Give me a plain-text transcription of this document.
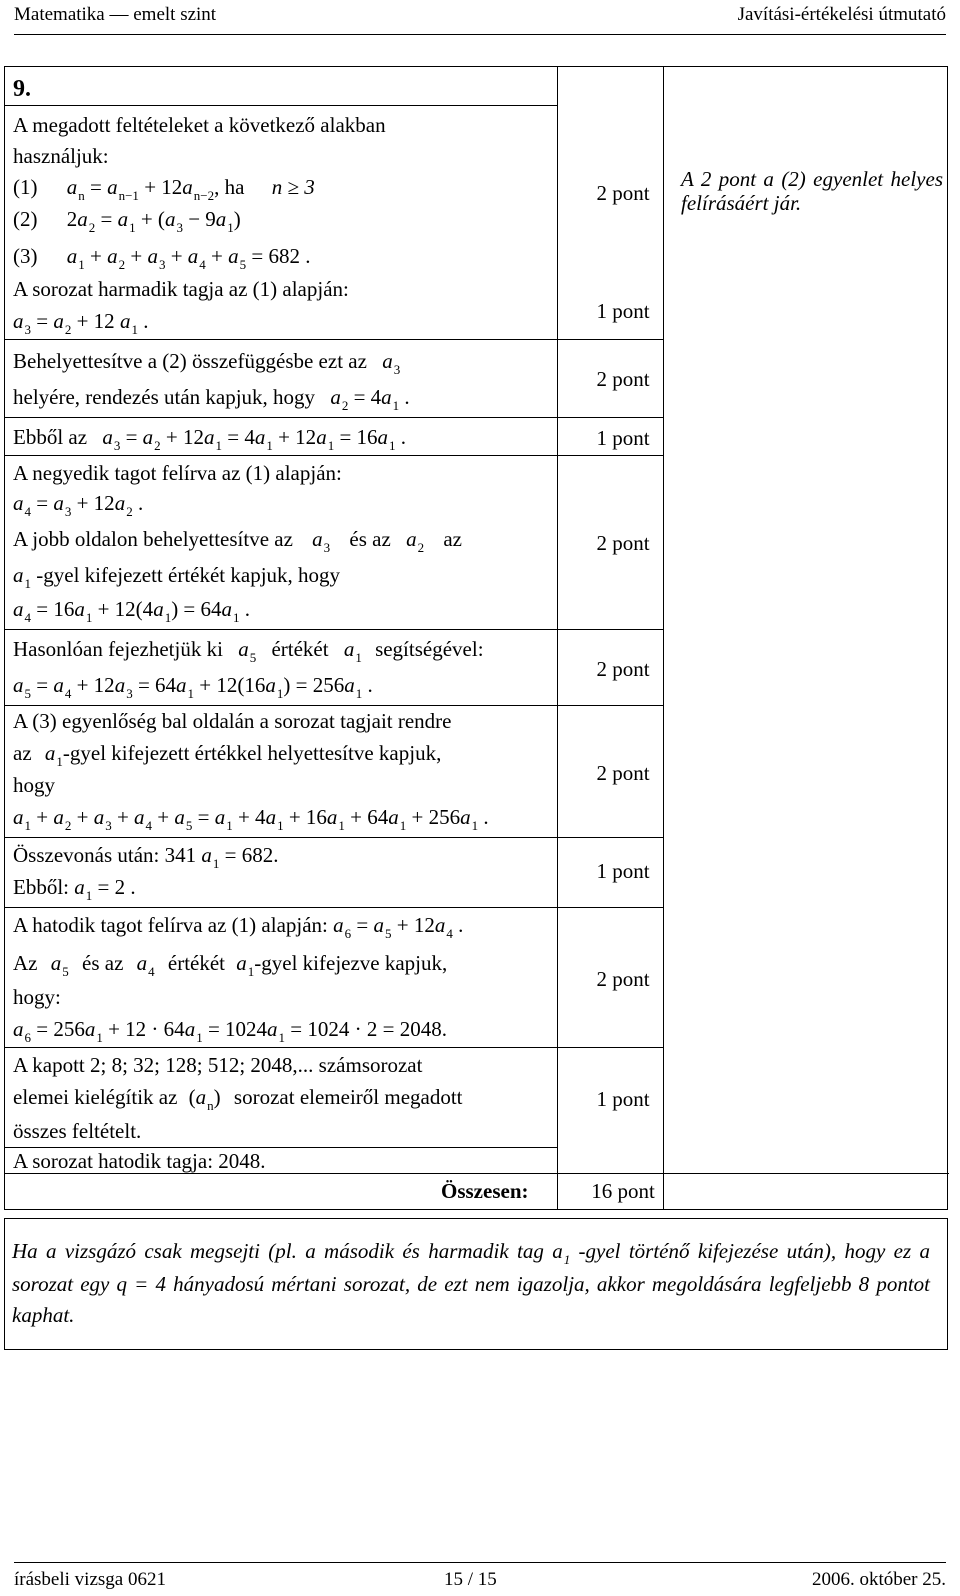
Matematika — emelt szint	Javítási-értékelési útmutató
9.
A megadott feltételeket a következő alakban
használjuk:
(1) $a_n = a_{n-1} + 12a_{n-2}$, ha n ≥ 3
(2) $2a_2 = a_1 + (a_3 - 9a_1)$
(3) $a_1 + a_2 + a_3 + a_4 + a_5 = 682$ .
2 pont
A 2 pont a (2) egyenlet helyes felírásáért jár.
A sorozat harmadik tagja az (1) alapján:
$a_3 = a_2 + 12$ $a_1$ .	1 pont
Behelyettesítve a (2) összefüggésbe ezt az $a_3$
helyére, rendezés után kapjuk, hogy $a_2 = 4a_1$ .
2 pont
Ebből az $a_3 = a_2 + 12a_1 = 4a_1 + 12a_1 = 16a_1$ .	1 pont
A negyedik tagot felírva az (1) alapján:
$a_4 = a_3 + 12a_2$ .
A jobb oldalon behelyettesítve az $a_3$ és az $a_2$ az
$a_1$ -gyel kifejezett értékét kapjuk, hogy
$a_4 = 16a_1 + 12(4a_1) = 64a_1$ .
2 pont
Hasonlóan fejezhetjük ki $a_5$ értékét $a_1$ segítségével:
$a_5 = a_4 + 12a_3 = 64a_1 + 12(16a_1) = 256a_1$ .
2 pont
A (3) egyenlőség bal oldalán a sorozat tagjait rendre
az $a_1$-gyel kifejezett értékkel helyettesítve kapjuk,
hogy
$a_1 + a_2 + a_3 + a_4 + a_5 = a_1 + 4a_1 + 16a_1 + 64a_1 + 256a_1$ .
2 pont
Összevonás után: 341 $a_1 = 682$.
Ebből: $a_1 = 2$ .
1 pont
A hatodik tagot felírva az (1) alapján: $a_6 = a_5 + 12a_4$ .
Az $a_5$ és az $a_4$ értékét $a_1$-gyel kifejezve kapjuk,
hogy:
$a_6 = 256a_1 + 12 \cdot 64a_1 = 1024a_1 = 1024 \cdot 2 = 2048$.
2 pont
A kapott 2; 8; 32; 128; 512; 2048,... számsorozat
elemei kielégítik az $(a_n)$ sorozat elemeiről megadott
összes feltételt.
1 pont
A sorozat hatodik tagja: 2048.
Összesen:	16 pont
Ha a vizsgázó csak megsejti (pl. a második és harmadik tag $a_1$ -gyel történő kifejezése után), hogy ez a sorozat egy q = 4 hányadosú mértani sorozat, de ezt nem igazolja, akkor megoldására legfeljebb 8 pontot kaphat.
írásbeli vizsga 0621	15 / 15	2006. október 25.
